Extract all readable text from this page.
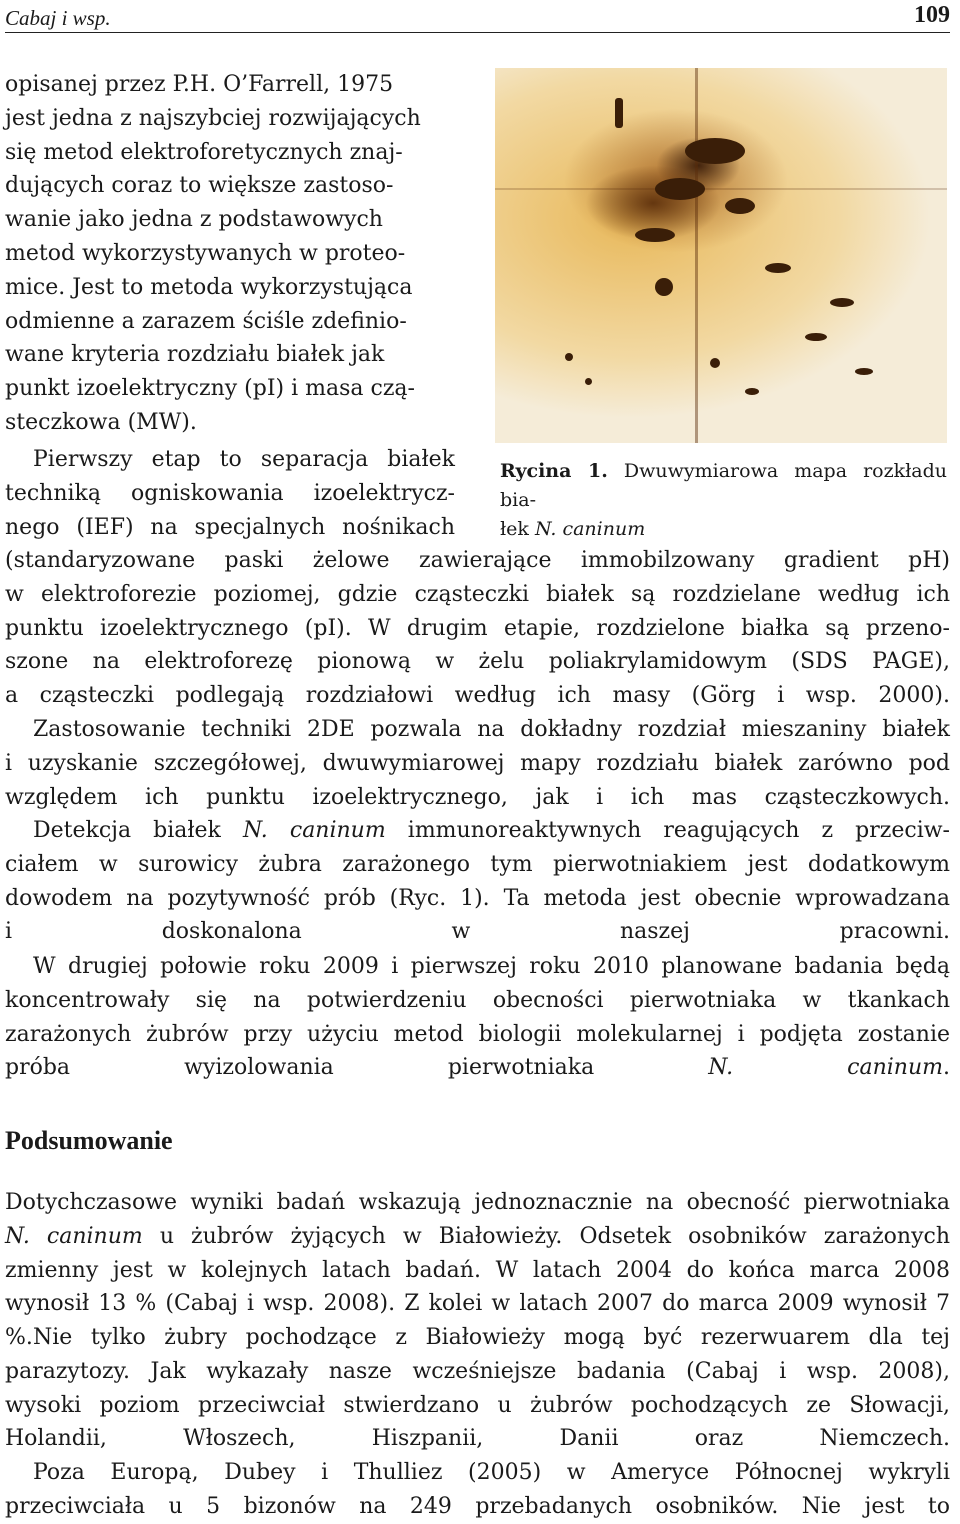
Cabaj i wsp.	109

opisanej przez P.H. O’Farrell, 1975
jest jedna z najszybciej rozwijających
się metod elektroforetycznych znaj-
dujących coraz to większe zastoso-
wanie jako jedna z podstawowych
metod wykorzystywanych w proteo-
mice. Jest to metoda wykorzystująca
odmienne a zarazem ściśle zdefinio-
wane kryteria rozdziału białek jak
punkt izoelektryczny (pI) i masa czą-
steczkowa (MW).

Pierwszy etap to separacja białek
techniką ogniskowania izoelektrycz-
nego (IEF) na specjalnych nośnikach

(standaryzowane paski żelowe zawierające immobilzowany gradient pH)
w elektroforezie poziomej, gdzie cząsteczki białek są rozdzielane według ich
punktu izoelektrycznego (pI). W drugim etapie, rozdzielone białka są przeno-
szone na elektroforezę pionową w żelu poliakrylamidowym (SDS PAGE),
a cząsteczki podlegają rozdziałowi według ich masy (Görg i wsp. 2000).

Zastosowanie techniki 2DE pozwala na dokładny rozdział mieszaniny białek
i uzyskanie szczegółowej, dwuwymiarowej mapy rozdziału białek zarówno pod
względem ich punktu izoelektrycznego, jak i ich mas cząsteczkowych.

Detekcja białek N. caninum immunoreaktywnych reagujących z przeciw-
ciałem w surowicy żubra zarażonego tym pierwotniakiem jest dodatkowym
dowodem na pozytywność prób (Ryc. 1). Ta metoda jest obecnie wprowadzana
i doskonalona w naszej pracowni.

W drugiej połowie roku 2009 i pierwszej roku 2010 planowane badania będą
koncentrowały się na potwierdzeniu obecności pierwotniaka w tkankach
zarażonych żubrów przy użyciu metod biologii molekularnej i podjęta zostanie
próba wyizolowania pierwotniaka	N. caninum.

Podsumowanie

Dotychczasowe wyniki badań wskazują jednoznacznie na obecność pierwotniaka
N. caninum u żubrów żyjących w Białowieży. Odsetek osobników zarażonych
zmienny jest w kolejnych latach badań. W latach 2004 do końca marca 2008
wynosił 13 % (Cabaj i wsp. 2008). Z kolei w latach 2007 do marca 2009 wynosił 7 %. Nie tylko żubry pochodzące z Białowieży mogą być rezerwuarem dla tej
parazytozy. Jak wykazały nasze wcześniejsze badania (Cabaj i wsp. 2008),
wysoki poziom przeciwciał stwierdzano u żubrów pochodzących ze Słowacji,
Holandii, Włoszech, Hiszpanii, Danii oraz Niemczech.

Poza Europą, Dubey i Thulliez (2005) w Ameryce Północnej wykryli
przeciwciała u 5 bizonów na 249 przebadanych osobników. Nie jest to

Rycina 1. Dwuwymiarowa mapa rozkładu bia-
łek N. caninum
